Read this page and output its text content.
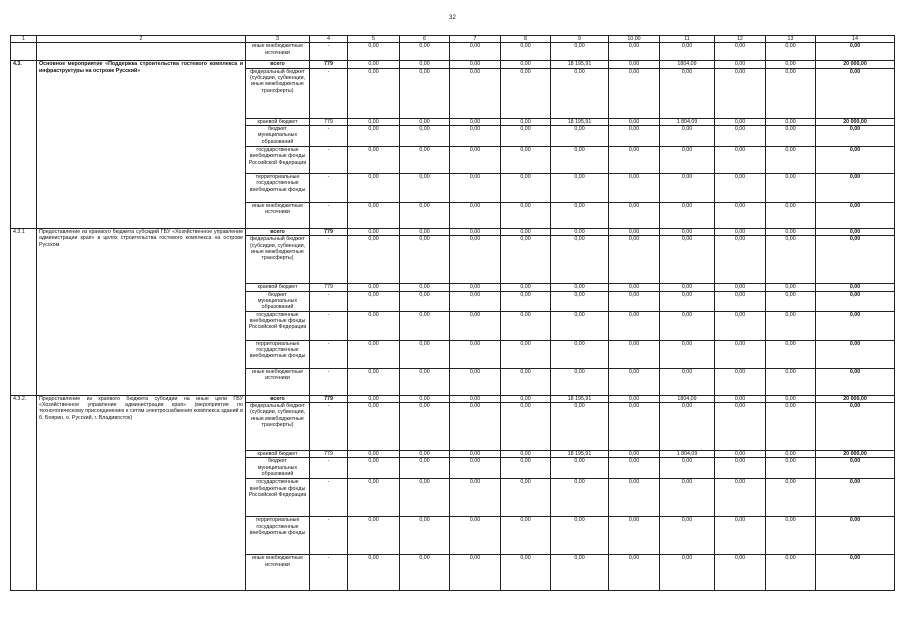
32
1	2	3	4	5	6	7	8	9	10,00	11	12	13	14
		иные внебюджетные источники	-	0,00	0,00	0,00	0,00	0,00	0,00	0,00	0,00	0,00	0,00
4.3.	Основное мероприятие «Поддержка строительства гостевого комплекса и инфраструктуры на острове Русский»	всего	779	0,00	0,00	0,00	0,00	18 195,91	0,00	1804,09	0,00	0,00	20 000,00
		федеральный бюджет (субсидии, субвенции, иные межбюджетные трансферты)	-	0,00	0,00	0,00	0,00	0,00	0,00	0,00	0,00	0,00	0,00
		краевой бюджет	779	0,00	0,00	0,00	0,00	18 195,91	0,00	1 804,09	0,00	0,00	20 000,00
		бюджет муниципальных образований	-	0,00	0,00	0,00	0,00	0,00	0,00	0,00	0,00	0,00	0,00
		государственные внебюджетные фонды Российской Федерации	-	0,00	0,00	0,00	0,00	0,00	0,00	0,00	0,00	0,00	0,00
		территориальные государственные внебюджетные фонды	-	0,00	0,00	0,00	0,00	0,00	0,00	0,00	0,00	0,00	0,00
		иные внебюджетные источники	-	0,00	0,00	0,00	0,00	0,00	0,00	0,00	0,00	0,00	0,00
4.3.1	Предоставление из краевого бюджета субсидий ГБУ «Хозяйственное управление администрации края» в целях строительства гостевого комплекса на острове Русском	всего	779	0,00	0,00	0,00	0,00	0,00	0,00	0,00	0,00	0,00	0,00
		федеральный бюджет (субсидии, субвенции, иные межбюджетные трансферты)	-	0,00	0,00	0,00	0,00	0,00	0,00	0,00	0,00	0,00	0,00
		краевой бюджет	779	0,00	0,00	0,00	0,00	0,00	0,00	0,00	0,00	0,00	0,00
		бюджет муниципальных образований	-	0,00	0,00	0,00	0,00	0,00	0,00	0,00	0,00	0,00	0,00
		государственные внебюджетные фонды Российской Федерации	-	0,00	0,00	0,00	0,00	0,00	0,00	0,00	0,00	0,00	0,00
		территориальные государственные внебюджетные фонды	-	0,00	0,00	0,00	0,00	0,00	0,00	0,00	0,00	0,00	0,00
		иные внебюджетные источники	-	0,00	0,00	0,00	0,00	0,00	0,00	0,00	0,00	0,00	0,00
4.3.2.	Предоставление из краевого бюджета субсидии на иные цели ГБУ «Хозяйственное управление администрации края» (мероприятия по технологическому присоединению к сетям электроснабжения комплекса зданий в б. Боярин, о. Русский, г. Владивосток)	всего	779	0,00	0,00	0,00	0,00	18 195,91	0,00	1804,09	0,00	0,00	20 000,00
		федеральный бюджет (субсидии, субвенции, иные межбюджетные трансферты)	-	0,00	0,00	0,00	0,00	0,00	0,00	0,00	0,00	0,00	0,00
		краевой бюджет	779	0,00	0,00	0,00	0,00	18 195,91	0,00	1 804,09	0,00	0,00	20 000,00
		бюджет муниципальных образований	-	0,00	0,00	0,00	0,00	0,00	0,00	0,00	0,00	0,00	0,00
		государственные внебюджетные фонды Российской Федерации	-	0,00	0,00	0,00	0,00	0,00	0,00	0,00	0,00	0,00	0,00
		территориальные государственные внебюджетные фонды	-	0,00	0,00	0,00	0,00	0,00	0,00	0,00	0,00	0,00	0,00
		иные внебюджетные источники	-	0,00	0,00	0,00	0,00	0,00	0,00	0,00	0,00	0,00	0,00
